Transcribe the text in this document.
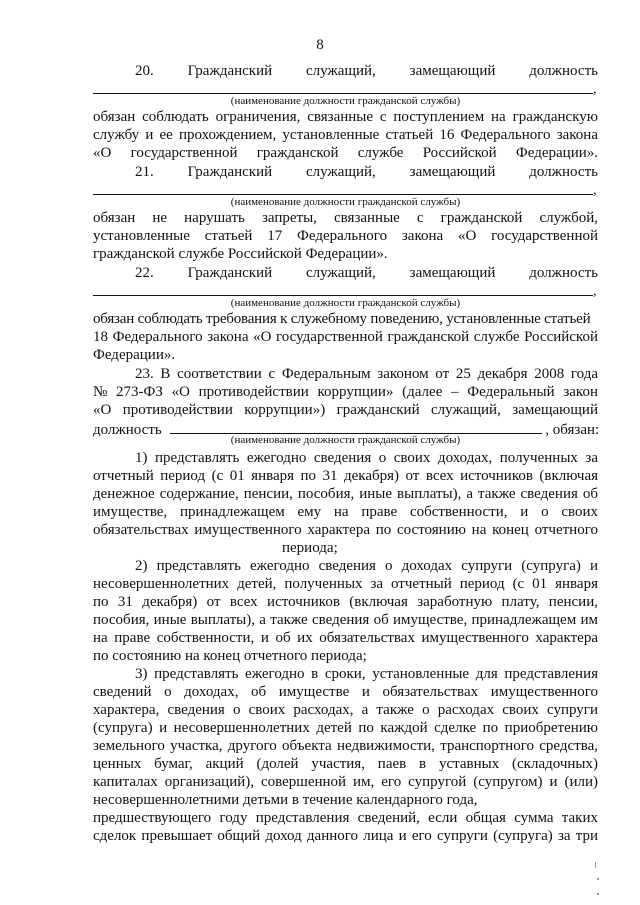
8
20. Гражданский служащий, замещающий должность
,
(наименование должности гражданской службы)
обязан соблюдать ограничения, связанные с поступлением на гражданскую
службу и ее прохождением, установленные статьей 16 Федерального закона
«О государственной гражданской службе Российской Федерации».
21. Гражданский служащий, замещающий должность
,
(наименование должности гражданской службы)
обязан не нарушать запреты, связанные с гражданской службой,
установленные статьей 17 Федерального закона «О государственной
гражданской службе Российской Федерации».
22. Гражданский служащий, замещающий должность
,
(наименование должности гражданской службы)
обязан соблюдать требования к служебному поведению, установленные статьей
18 Федерального закона «О государственной гражданской службе Российской
Федерации».
23. В соответствии с Федеральным законом от 25 декабря 2008 года
№ 273-ФЗ «О противодействии коррупции» (далее – Федеральный закон
«О противодействии коррупции») гражданский служащий, замещающий
должность	, обязан:
(наименование должности гражданской службы)
1) представлять ежегодно сведения о своих доходах, полученных за
отчетный период (с 01 января по 31 декабря) от всех источников (включая
денежное содержание, пенсии, пособия, иные выплаты), а также сведения об
имуществе, принадлежащем ему на праве собственности, и о своих
обязательствах имущественного характера по состоянию на конец отчетного
периода;
2) представлять ежегодно сведения о доходах супруги (супруга) и
несовершеннолетних детей, полученных за отчетный период (с 01 января
по 31 декабря) от всех источников (включая заработную плату, пенсии,
пособия, иные выплаты), а также сведения об имуществе, принадлежащем им
на праве собственности, и об их обязательствах имущественного характера
по состоянию на конец отчетного периода;
3) представлять ежегодно в сроки, установленные для представления
сведений о доходах, об имуществе и обязательствах имущественного
характера, сведения о своих расходах, а также о расходах своих супруги
(супруга) и несовершеннолетних детей по каждой сделке по приобретению
земельного участка, другого объекта недвижимости, транспортного средства,
ценных бумаг, акций (долей участия, паев в уставных (складочных)
капиталах организаций), совершенной им, его супругой (супругом) и (или)
несовершеннолетними детьми в течение календарного года,
предшествующего году представления сведений, если общая сумма таких
сделок превышает общий доход данного лица и его супруги (супруга) за три
